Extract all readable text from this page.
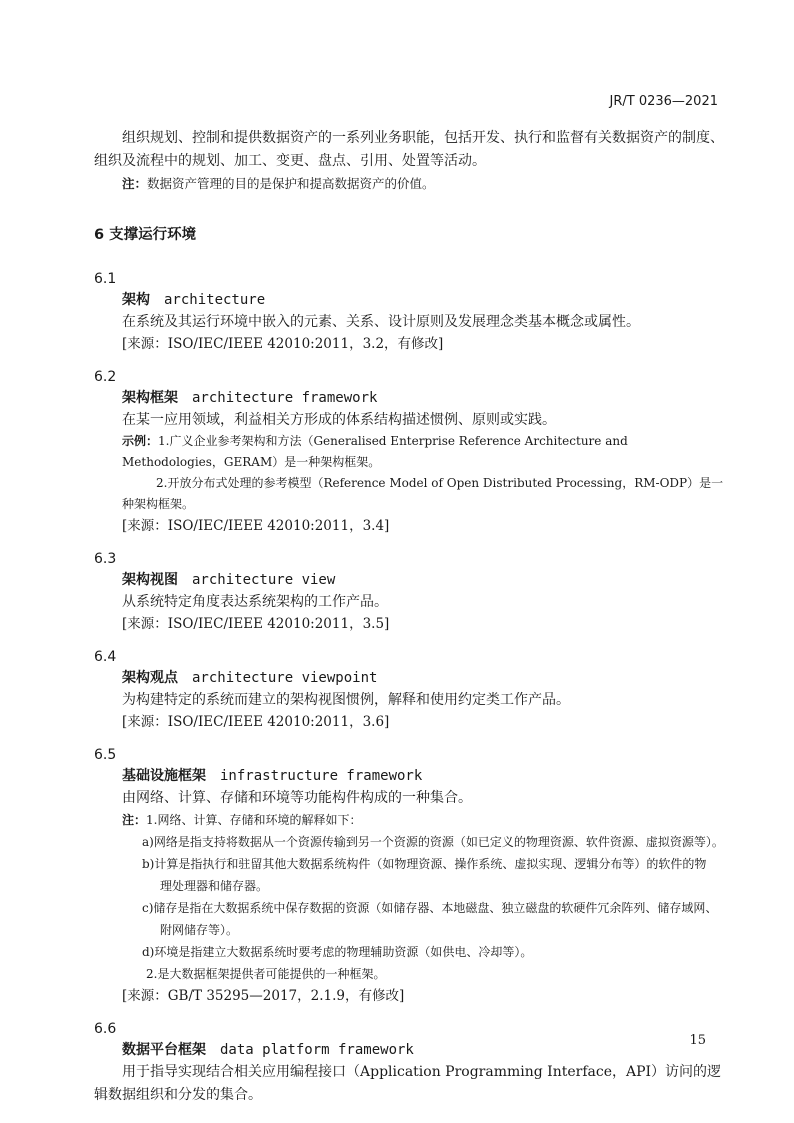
JR/T 0236—2021

组织规划、控制和提供数据资产的一系列业务职能，包括开发、执行和监督有关数据资产的制度、组织及流程中的规划、加工、变更、盘点、引用、处置等活动。

注：数据资产管理的目的是保护和提高数据资产的价值。
6 支撑运行环境
6.1
架构 architecture
在系统及其运行环境中嵌入的元素、关系、设计原则及发展理念类基本概念或属性。
[来源：ISO/IEC/IEEE 42010:2011，3.2，有修改]
6.2
架构框架 architecture framework
在某一应用领域，利益相关方形成的体系结构描述惯例、原则或实践。
示例：1.广义企业参考架构和方法（Generalised Enterprise Reference Architecture and Methodologies，GERAM）是一种架构框架。
2.开放分布式处理的参考模型（Reference Model of Open Distributed Processing，RM-ODP）是一种架构框架。
[来源：ISO/IEC/IEEE 42010:2011，3.4]
6.3
架构视图 architecture view
从系统特定角度表达系统架构的工作产品。
[来源：ISO/IEC/IEEE 42010:2011，3.5]
6.4
架构观点 architecture viewpoint
为构建特定的系统而建立的架构视图惯例，解释和使用约定类工作产品。
[来源：ISO/IEC/IEEE 42010:2011，3.6]
6.5
基础设施框架 infrastructure framework
由网络、计算、存储和环境等功能构件构成的一种集合。
注：1.网络、计算、存储和环境的解释如下：
a)网络是指支持将数据从一个资源传输到另一个资源的资源（如已定义的物理资源、软件资源、虚拟资源等）。
b)计算是指执行和驻留其他大数据系统构件（如物理资源、操作系统、虚拟实现、逻辑分布等）的软件的物
理处理器和储存器。
c)储存是指在大数据系统中保存数据的资源（如储存器、本地磁盘、独立磁盘的软硬件冗余阵列、储存域网、
附网储存等）。
d)环境是指建立大数据系统时要考虑的物理辅助资源（如供电、冷却等）。
2.是大数据框架提供者可能提供的一种框架。
[来源：GB/T 35295—2017，2.1.9，有修改]
6.6
数据平台框架 data platform framework

用于指导实现结合相关应用编程接口（Application Programming Interface，API）访问的逻辑数据组织和分发的集合。

15
